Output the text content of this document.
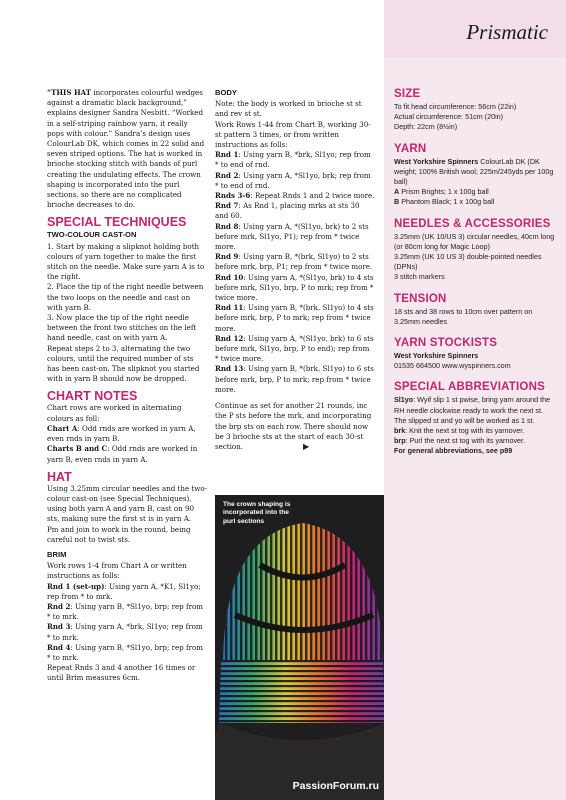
Prismatic

“THIS HAT incorporates colourful wedges against a dramatic black background,” explains designer Sandra Nesbitt. “Worked in a self-striping rainbow yarn, it really pops with colour.” Sandra’s design uses ColourLab DK, which comes in 22 solid and seven striped options. The hat is worked in brioche stocking stitch with bands of purl creating the undulating effects. The crown shaping is incorporated into the purl sections, so there are no complicated brioche decreases to do.

SPECIAL TECHNIQUES
TWO-COLOUR CAST-ON

1. Start by making a slipknot holding both colours of yarn together to make the first stitch on the needle. Make sure yarn A is to the right.

2. Place the tip of the right needle between the two loops on the needle and cast on with yarn B.

3. Now place the tip of the right needle between the front two stitches on the left hand needle, cast on with yarn A.

Repeat steps 2 to 3, alternating the two colours, until the required number of sts has been cast-on. The slipknot you started with in yarn B should now be dropped.

CHART NOTES

Chart rows are worked in alternating colours as foll:

Chart A: Odd rnds are worked in yarn A, even rnds in yarn B.

Charts B and C: Odd rnds are worked in yarn B, even rnds in yarn A.

HAT

Using 3.25mm circular needles and the two-colour cast-on (see Special Techniques), using both yarn A and yarn B, cast on 90 sts, making sure the first st is in yarn A.

Pm and join to work in the round, being careful not to twist sts.

BRIM

Work rows 1-4 from Chart A or written instructions as folls:

Rnd 1 (set-up): Using yarn A, *K1, Sl1yo; rep from * to mrk.

Rnd 2: Using yarn B, *Sl1yo, brp; rep from * to mrk.

Rnd 3: Using yarn A, *brk, Sl1yo; rep from * to mrk.

Rnd 4: Using yarn B, *Sl1yo, brp; rep from * to mrk.

Repeat Rnds 3 and 4 another 16 times or until Brim measures 6cm.

BODY

Note: the body is worked in brioche st st and rev st st.

Work Rows 1-44 from Chart B, working 30-st pattern 3 times, or from written instructions as folls:

Rnd 1: Using yarn B, *brk, Sl1yo; rep from * to end of rnd.

Rnd 2: Using yarn A, *Sl1yo, brk; rep from * to end of rnd.

Rnds 3-6: Repeat Rnds 1 and 2 twice more.

Rnd 7: As Rnd 1, placing mrks at sts 30 and 60.

Rnd 8: Using yarn A, *(Sl1yo, brk) to 2 sts before mrk, Sl1yo, P1); rep from * twice more.

Rnd 9: Using yarn B, *(brk, Sl1yo) to 2 sts before mrk, brp, P1; rep from * twice more.

Rnd 10: Using yarn A, *(Sl1yo, brk) to 4 sts before mrk, Sl1yo, brp, P to mrk; rep from * twice more.

Rnd 11: Using yarn B, *(brk, Sl1yo) to 4 sts before mrk, brp, P to mrk; rep from * twice more.

Rnd 12: Using yarn A, *(Sl1yo, brk) to 6 sts before mrk, Sl1yo, brp, P to end); rep from * twice more.

Rnd 13: Using yarn B, *(brk, Sl1yo) to 6 sts before mrk, brp, P to mrk; rep from * twice more.

Continue as set for another 21 rounds, inc the P sts before the mrk, and incorporating the brp sts on each row. There should now be 3 brioche sts at the start of each 30-st section.	▶

The crown shaping is incorporated into the purl sections
PassionForum.ru
SIZE

To fit head circumference: 56cm (22in)

Actual circumference: 51cm (20in)

Depth: 22cm (8½in)

YARN

West Yorkshire Spinners ColourLab DK (DK weight; 100% British wool; 225m/245yds per 100g ball)

A Prism Brights; 1 x 100g ball

B Phantom Black; 1 x 100g ball

NEEDLES & ACCESSORIES

3.25mm (UK 10/US 3) circular needles, 40cm long (or 80cm long for Magic Loop)

3.25mm (UK 10 US 3) double-pointed needles (DPNs)

3 stitch markers

TENSION

18 sts and 38 rows to 10cm over pattern on 3.25mm needles

YARN STOCKISTS

West Yorkshire Spinners

01535 664500 www.wyspinners.com

SPECIAL ABBREVIATIONS

Sl1yo: Wyif slip 1 st pwise, bring yarn around the RH needle clockwise ready to work the next st. The slipped st and yo will be worked as 1 st.

brk: Knit the next st tog with its yarnover.

brp: Purl the next st tog with its yarnover.

For general abbreviations, see p89
